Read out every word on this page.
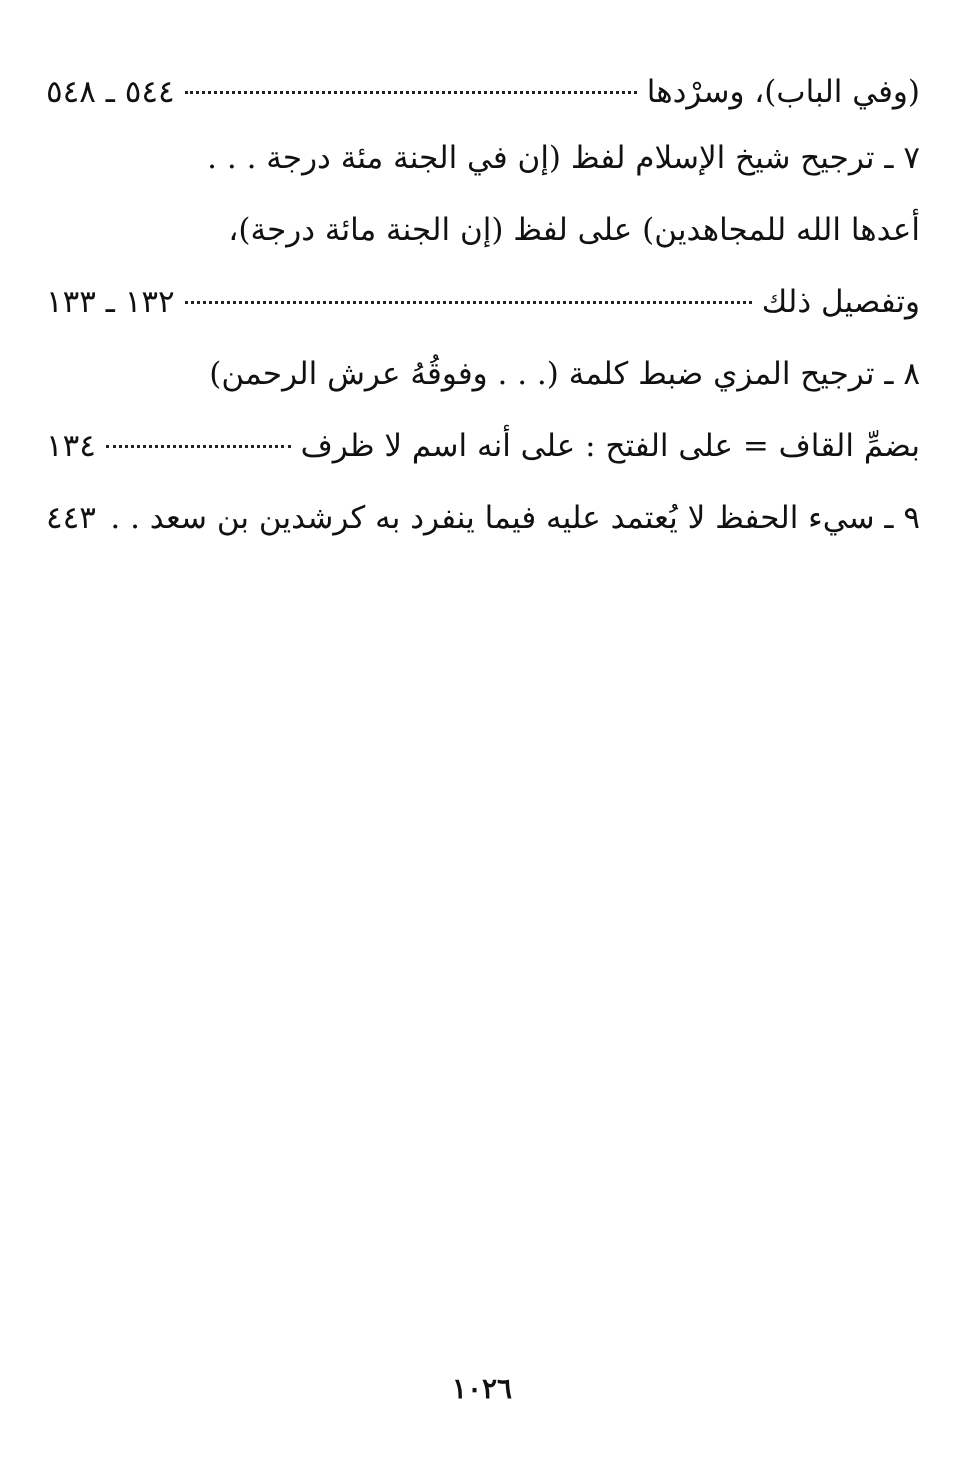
(وفي الباب)، وسرْدها
٥٤٤ ـ ٥٤٨
٧ ـ ترجيح شيخ الإسلام لفظ (إن في الجنة مئة درجة . . .
أعدها الله للمجاهدين) على لفظ (إن الجنة مائة درجة)،
وتفصيل ذلك
١٣٢ ـ ١٣٣
٨ ـ ترجيح المزي ضبط كلمة (. . . وفوقُهُ عرش الرحمن)
بضمِّ القاف = على الفتح : على أنه اسم لا ظرف
١٣٤
٩ ـ سيء الحفظ لا يُعتمد عليه فيما ينفرد به كرشدين بن سعد . .
٤٤٣
١٠٢٦
